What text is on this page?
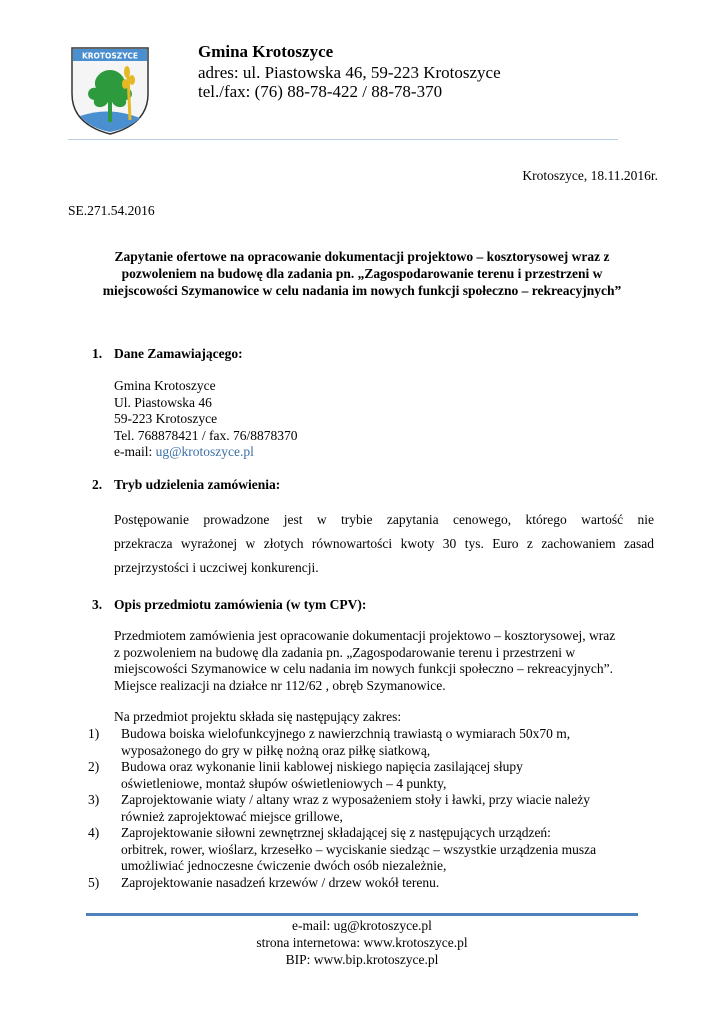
KROTOSZYCE	Gmina Krotoszyce
adres: ul. Piastowska 46, 59-223 Krotoszyce
tel./fax: (76) 88-78-422 / 88-78-370
Krotoszyce, 18.11.2016r.
SE.271.54.2016
Zapytanie ofertowe na opracowanie dokumentacji projektowo – kosztorysowej wraz z
pozwoleniem na budowę dla zadania pn. „Zagospodarowanie terenu i przestrzeni w
miejscowości Szymanowice w celu nadania im nowych funkcji społeczno – rekreacyjnych”
1. Dane Zamawiającego:
Gmina Krotoszyce
Ul. Piastowska 46
59-223 Krotoszyce
Tel. 768878421 / fax. 76/8878370
e-mail: ug@krotoszyce.pl
2. Tryb udzielenia zamówienia:
Postępowanie prowadzone jest w trybie zapytania cenowego, którego wartość nie
przekracza wyrażonej w złotych równowartości kwoty 30 tys. Euro z zachowaniem zasad
przejrzystości i uczciwej konkurencji.
3. Opis przedmiotu zamówienia (w tym CPV):
Przedmiotem zamówienia jest opracowanie dokumentacji projektowo – kosztorysowej, wraz
z pozwoleniem na budowę dla zadania pn. „Zagospodarowanie terenu i przestrzeni w
miejscowości Szymanowice w celu nadania im nowych funkcji społeczno – rekreacyjnych”.
Miejsce realizacji na działce nr 112/62 , obręb Szymanowice.
Na przedmiot projektu składa się następujący zakres:
1)	Budowa boiska wielofunkcyjnego z nawierzchnią trawiastą o wymiarach 50x70 m,
wyposażonego do gry w piłkę nożną oraz piłkę siatkową,
2)	Budowa oraz wykonanie linii kablowej niskiego napięcia zasilającej słupy
oświetleniowe, montaż słupów oświetleniowych – 4 punkty,
3)	Zaprojektowanie wiaty / altany wraz z wyposażeniem stoły i ławki, przy wiacie należy
również zaprojektować miejsce grillowe,
4)	Zaprojektowanie siłowni zewnętrznej składającej się z następujących urządzeń:
orbitrek, rower, wioślarz, krzesełko – wyciskanie siedząc – wszystkie urządzenia musza
umożliwiać jednoczesne ćwiczenie dwóch osób niezależnie,
5)	Zaprojektowanie nasadzeń krzewów / drzew wokół terenu.
e-mail: ug@krotoszyce.pl
strona internetowa: www.krotoszyce.pl
BIP: www.bip.krotoszyce.pl
